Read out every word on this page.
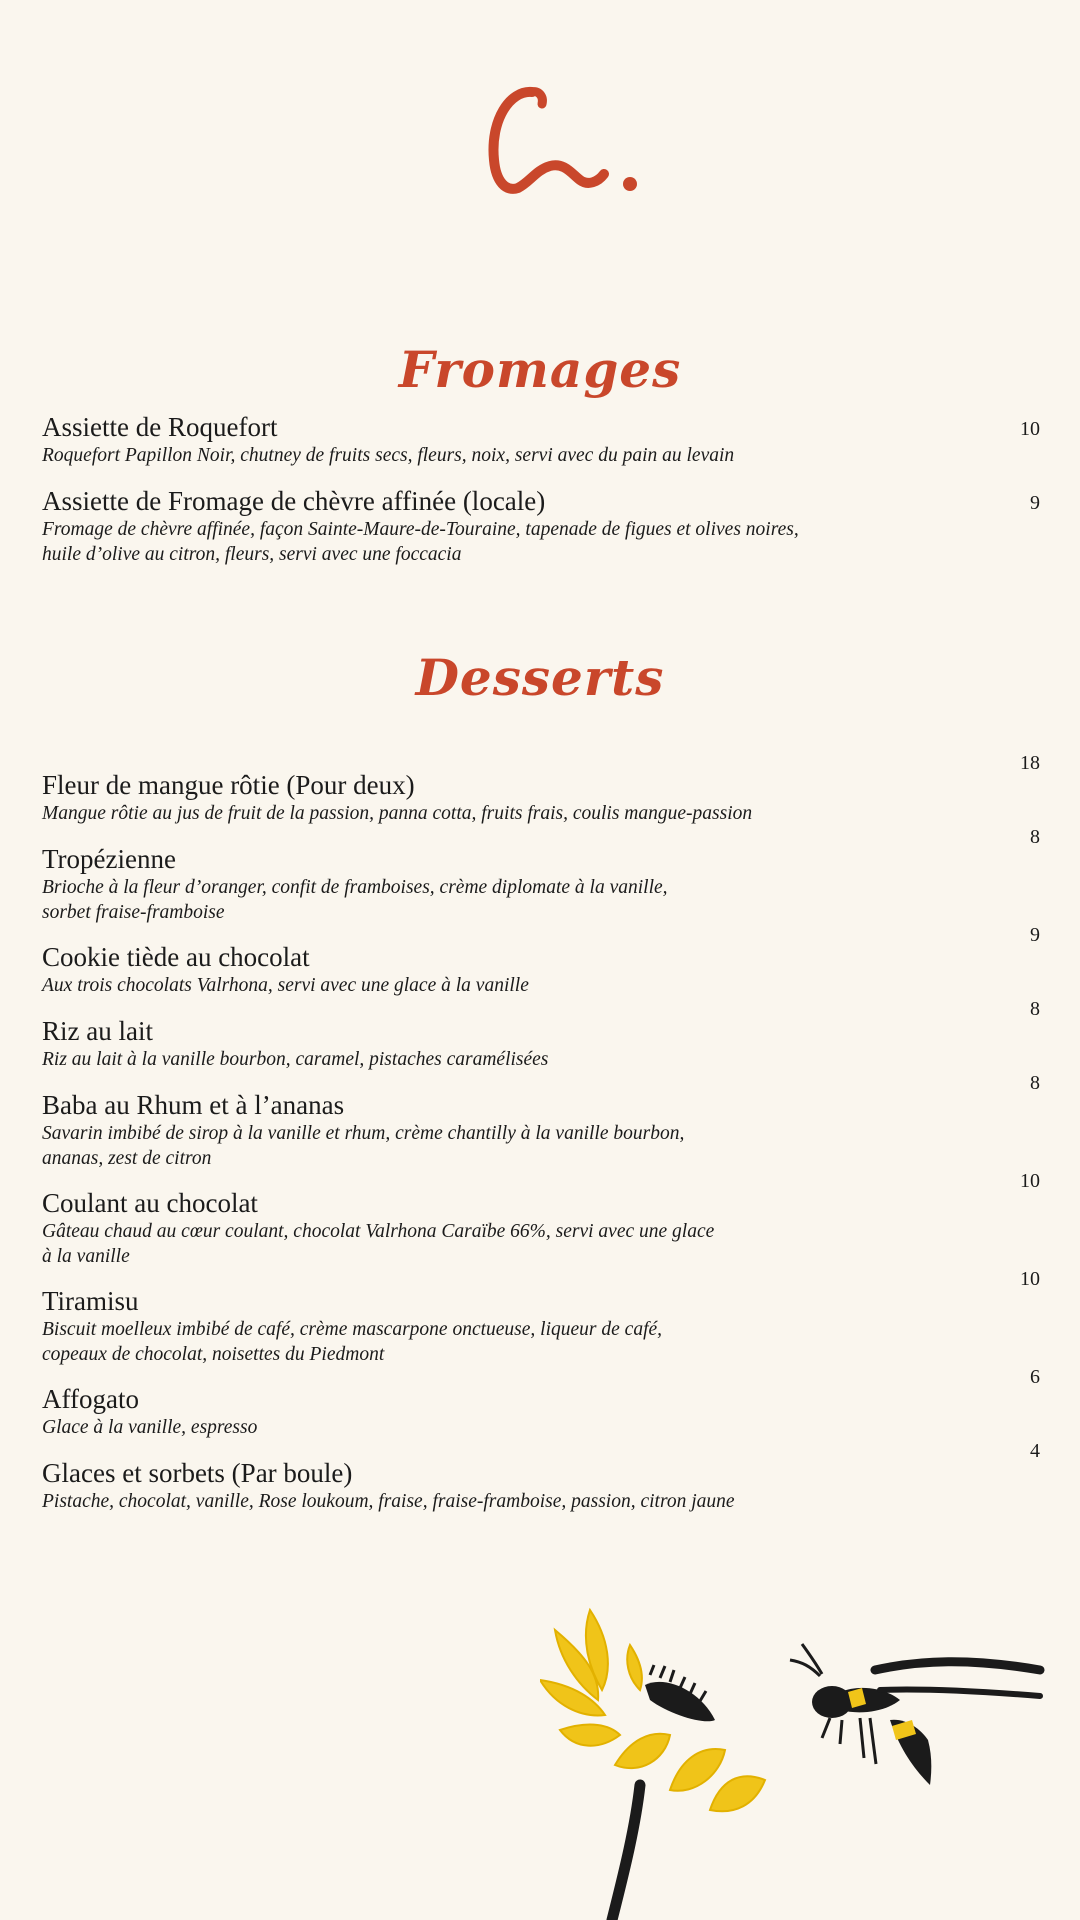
Fromages
Desserts
Assiette de Roquefort
Roquefort Papillon Noir, chutney de fruits secs, fleurs, noix, servi avec du pain au levain
10
Assiette de Fromage de chèvre affinée (locale)
Fromage de chèvre affinée, façon Sainte-Maure-de-Touraine, tapenade de figues et olives noires,
huile d’olive au citron, fleurs, servi avec une foccacia
9
Fleur de mangue rôtie (Pour deux)
Mangue rôtie au jus de fruit de la passion, panna cotta, fruits frais, coulis mangue-passion
18
Tropézienne
Brioche à la fleur d’oranger, confit de framboises, crème diplomate à la vanille,
sorbet fraise-framboise
8
Cookie tiède au chocolat
Aux trois chocolats Valrhona, servi avec une glace à la vanille
9
Riz au lait
Riz au lait à la vanille bourbon, caramel, pistaches caramélisées
8
Baba au Rhum et à l’ananas
Savarin imbibé de sirop à la vanille et rhum, crème chantilly à la vanille bourbon,
ananas, zest de citron
8
Coulant au chocolat
Gâteau chaud au cœur coulant, chocolat Valrhona Caraïbe 66%, servi avec une glace
à la vanille
10
Tiramisu
Biscuit moelleux imbibé de café, crème mascarpone onctueuse, liqueur de café,
copeaux de chocolat, noisettes du Piedmont
10
Affogato
Glace à la vanille, espresso
6
Glaces et sorbets (Par boule)
Pistache, chocolat, vanille, Rose loukoum, fraise, fraise-framboise, passion, citron jaune
4
